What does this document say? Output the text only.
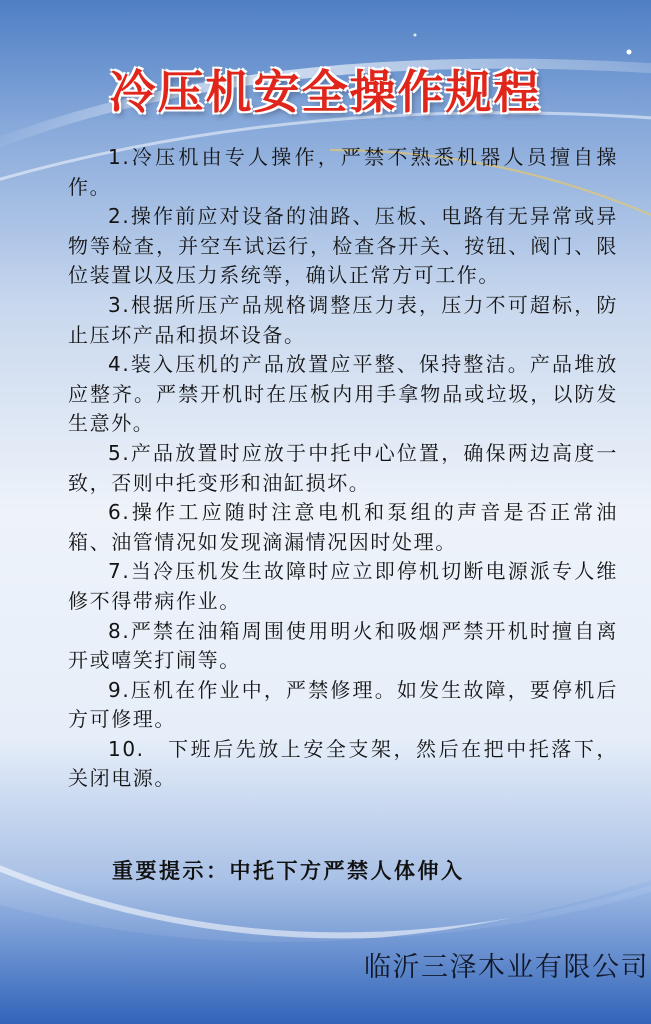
冷压机安全操作规程
1.冷压机由专人操作，严禁不熟悉机器人员擅自操作。
2.操作前应对设备的油路、压板、电路有无异常或异物等检查，并空车试运行，检查各开关、按钮、阀门、限位装置以及压力系统等，确认正常方可工作。
3.根据所压产品规格调整压力表，压力不可超标，防止压坏产品和损坏设备。
4.装入压机的产品放置应平整、保持整洁。产品堆放应整齐。严禁开机时在压板内用手拿物品或垃圾，以防发生意外。
5.产品放置时应放于中托中心位置，确保两边高度一致，否则中托变形和油缸损坏。
6.操作工应随时注意电机和泵组的声音是否正常油箱、油管情况如发现滴漏情况因时处理。
7.当冷压机发生故障时应立即停机切断电源派专人维修不得带病作业。
8.严禁在油箱周围使用明火和吸烟严禁开机时擅自离开或嘻笑打闹等。
9.压机在作业中，严禁修理。如发生故障，要停机后方可修理。
10.　下班后先放上安全支架，然后在把中托落下，关闭电源。
重要提示：中托下方严禁人体伸入
临沂三泽木业有限公司
